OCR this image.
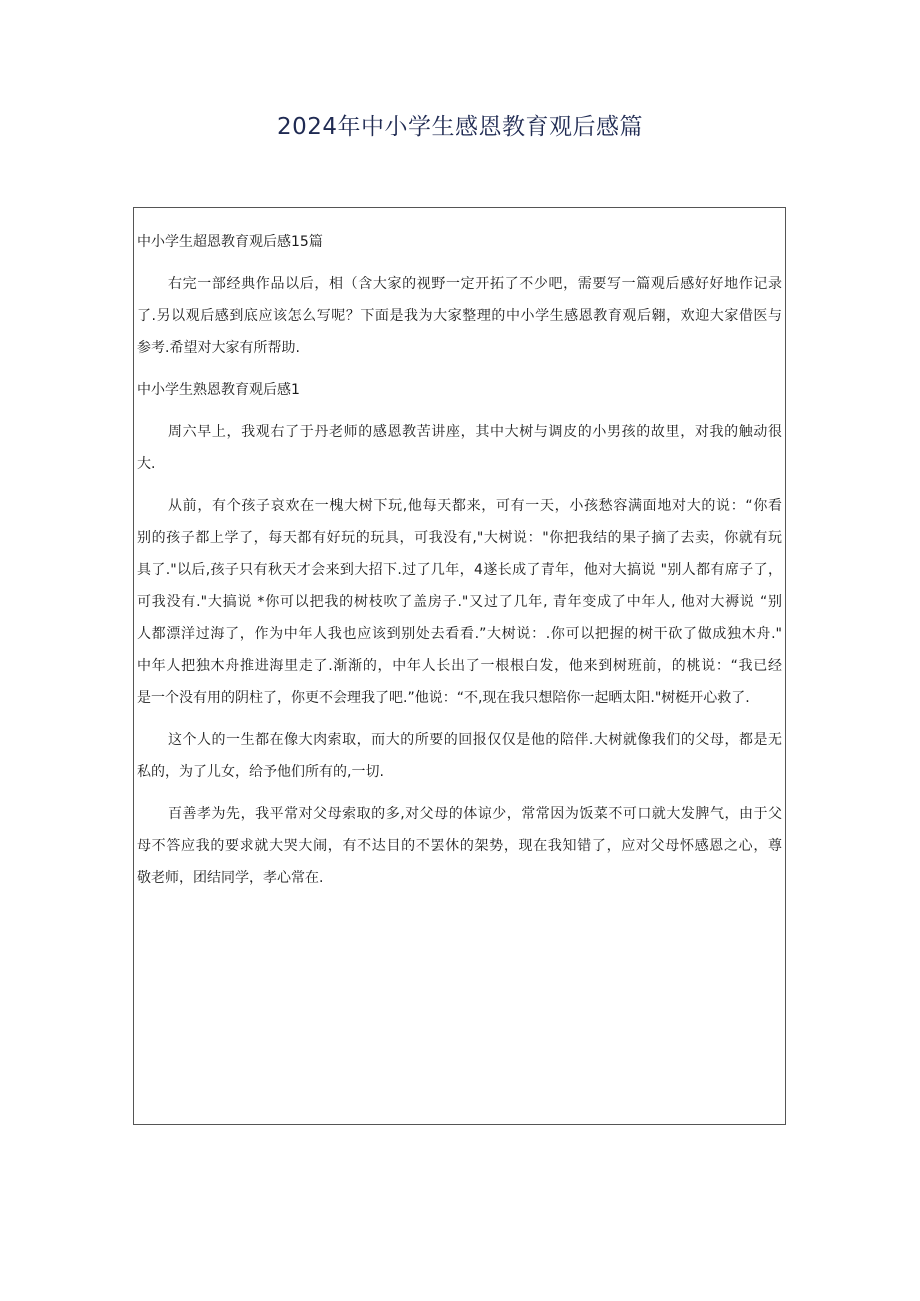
2024年中小学生感恩教育观后感篇

中小学生超恩教育观后感15篇

右完一部经典作品以后，相（含大家的视野一定开拓了不少吧，需要写一篇观后感好好地作记录

了.另以观后感到底应该怎么写呢？下面是我为大家整理的中小学生感恩教育观后翱，欢迎大家借医与

参考.希望对大家有所帮助.

中小学生熟恩教育观后感1

周六早上，我观右了于丹老师的感恩教苦讲座，其中大树与调皮的小男孩的故里，对我的触动很

大.

从前，有个孩子哀欢在一槐大树下玩,他每天都来，可有一天，小孩愁容满面地对大的说：“你看

别的孩子都上学了，每天都有好玩的玩具，可我没有,"大树说："你把我结的果子摘了去卖，你就有玩

具了."以后,孩子只有秋天才会来到大招下.过了几年，4遂长成了青年，他对大搞说 "别人都有席子了，

可我没有."大搞说 *你可以把我的树枝吹了盖房子."又过了几年, 青年变成了中年人, 他对大褥说 “别

人都漂洋过海了，作为中年人我也应该到别处去看看.”大树说：.你可以把握的树干砍了做成独木舟."

中年人把独木舟推进海里走了.渐渐的，中年人长出了一根根白发，他来到树班前，的桃说：“我已经

是一个没有用的阴柱了，你更不会理我了吧.”他说：“不,现在我只想陪你一起晒太阳."树梃开心救了.

这个人的一生都在像大肉索取，而大的所要的回报仅仅是他的陪伴.大树就像我们的父母，都是无

私的，为了儿女，给予他们所有的,一切.

百善孝为先，我平常对父母索取的多,对父母的体谅少，常常因为饭菜不可口就大发脾气，由于父

母不答应我的要求就大哭大闹，有不达目的不罢休的架势，现在我知错了，应对父母怀感恩之心，尊

敬老师，团结同学，孝心常在.
